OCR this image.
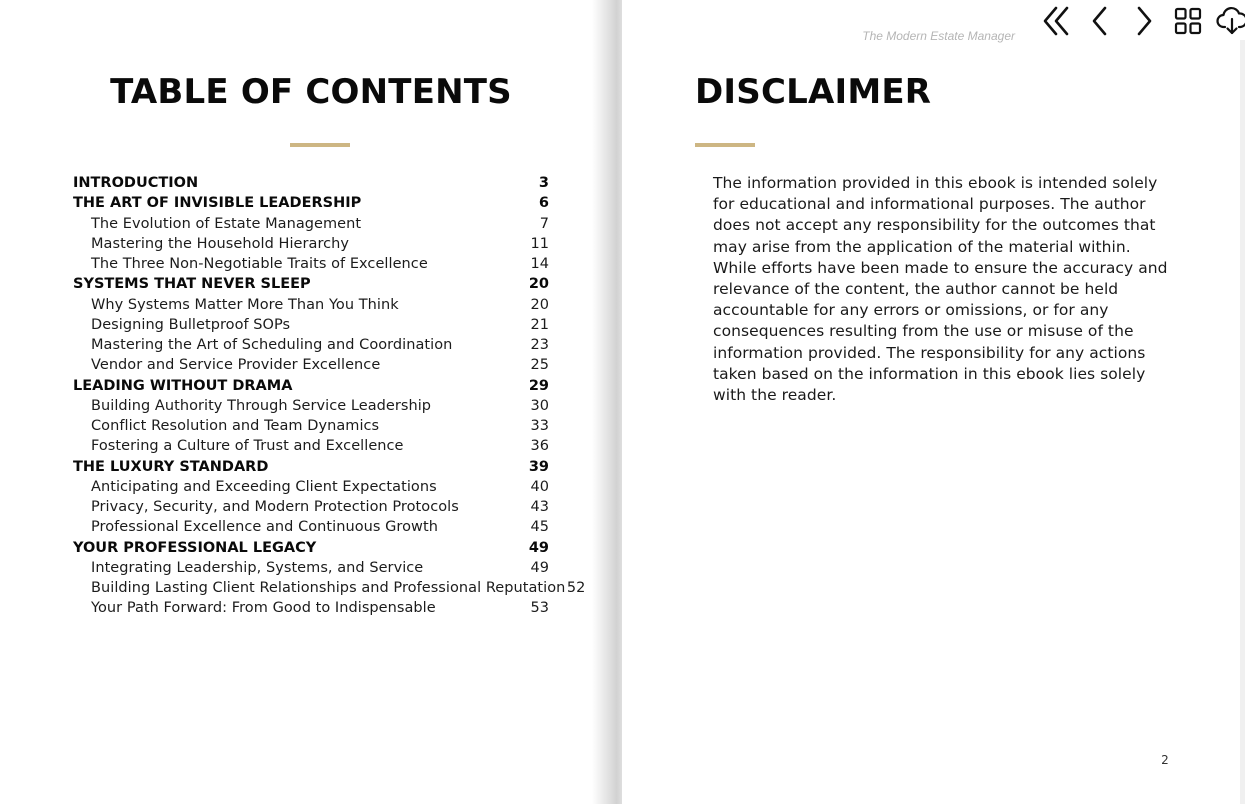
TABLE OF CONTENTS
INTRODUCTION	3
THE ART OF INVISIBLE LEADERSHIP	6
The Evolution of Estate Management	7
Mastering the Household Hierarchy	11
The Three Non-Negotiable Traits of Excellence	14
SYSTEMS THAT NEVER SLEEP	20
Why Systems Matter More Than You Think	20
Designing Bulletproof SOPs	21
Mastering the Art of Scheduling and Coordination	23
Vendor and Service Provider Excellence	25
LEADING WITHOUT DRAMA	29
Building Authority Through Service Leadership	30
Conflict Resolution and Team Dynamics	33
Fostering a Culture of Trust and Excellence	36
THE LUXURY STANDARD	39
Anticipating and Exceeding Client Expectations	40
Privacy, Security, and Modern Protection Protocols	43
Professional Excellence and Continuous Growth	45
YOUR PROFESSIONAL LEGACY	49
Integrating Leadership, Systems, and Service	49
Building Lasting Client Relationships and Professional Reputation 52
Your Path Forward: From Good to Indispensable	53
DISCLAIMER
The Modern Estate Manager

The information provided in this ebook is intended solely for educational and informational purposes. The author does not accept any responsibility for the outcomes that may arise from the application of the material within. While efforts have been made to ensure the accuracy and relevance of the content, the author cannot be held accountable for any errors or omissions, or for any consequences resulting from the use or misuse of the information provided. The responsibility for any actions taken based on the information in this ebook lies solely with the reader.

2
